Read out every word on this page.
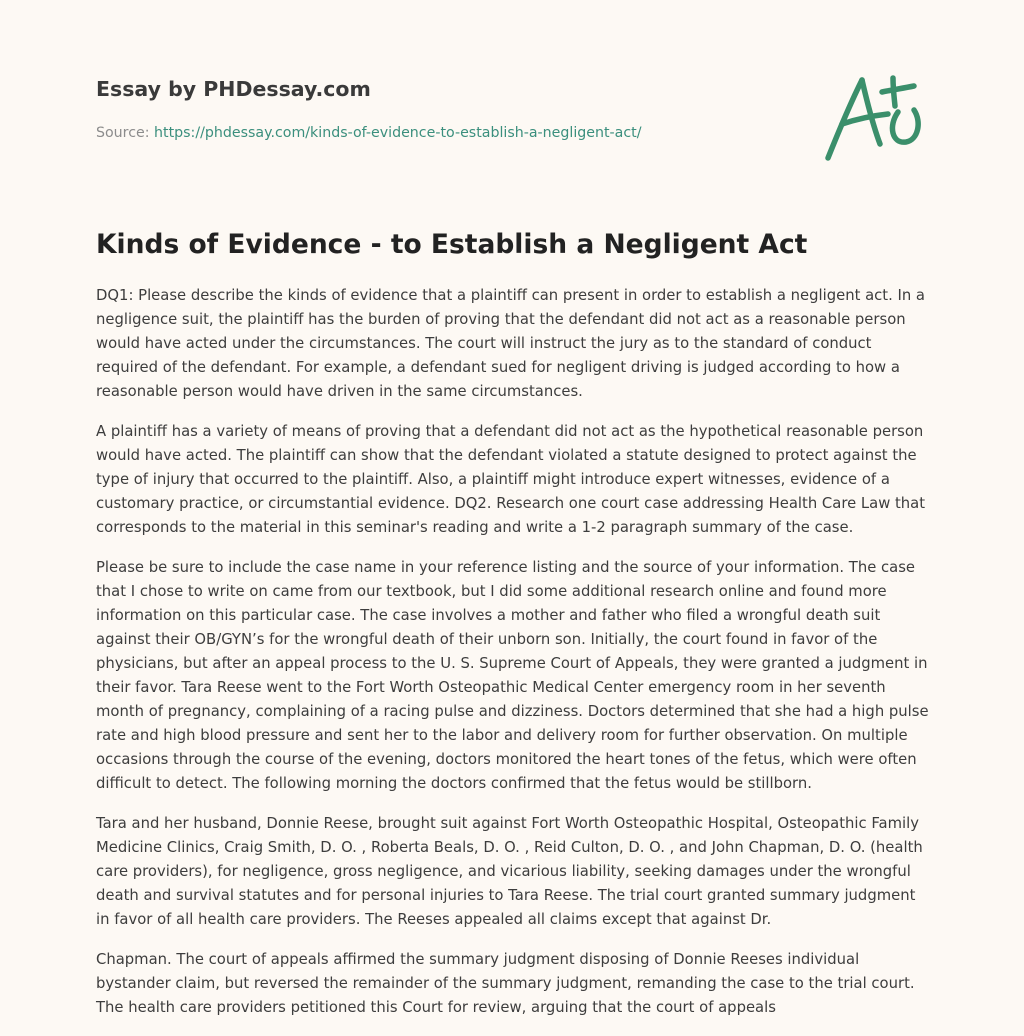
Essay by PHDessay.com
Source: https://phdessay.com/kinds-of-evidence-to-establish-a-negligent-act/
Kinds of Evidence - to Establish a Negligent Act

DQ1: Please describe the kinds of evidence that a plaintiff can present in order to establish a negligent act. In a negligence suit, the plaintiff has the burden of proving that the defendant did not act as a reasonable person would have acted under the circumstances. The court will instruct the jury as to the standard of conduct required of the defendant. For example, a defendant sued for negligent driving is judged according to how a reasonable person would have driven in the same circumstances.

A plaintiff has a variety of means of proving that a defendant did not act as the hypothetical reasonable person would have acted. The plaintiff can show that the defendant violated a statute designed to protect against the type of injury that occurred to the plaintiff. Also, a plaintiff might introduce expert witnesses, evidence of a customary practice, or circumstantial evidence. DQ2. Research one court case addressing Health Care Law that corresponds to the material in this seminar's reading and write a 1-2 paragraph summary of the case.

Please be sure to include the case name in your reference listing and the source of your information. The case that I chose to write on came from our textbook, but I did some additional research online and found more information on this particular case. The case involves a mother and father who filed a wrongful death suit against their OB/GYN’s for the wrongful death of their unborn son. Initially, the court found in favor of the physicians, but after an appeal process to the U. S. Supreme Court of Appeals, they were granted a judgment in their favor. Tara Reese went to the Fort Worth Osteopathic Medical Center emergency room in her seventh month of pregnancy, complaining of a racing pulse and dizziness. Doctors determined that she had a high pulse rate and high blood pressure and sent her to the labor and delivery room for further observation. On multiple occasions through the course of the evening, doctors monitored the heart tones of the fetus, which were often difficult to detect. The following morning the doctors confirmed that the fetus would be stillborn.

Tara and her husband, Donnie Reese, brought suit against Fort Worth Osteopathic Hospital, Osteopathic Family Medicine Clinics, Craig Smith, D. O. , Roberta Beals, D. O. , Reid Culton, D. O. , and John Chapman, D. O. (health care providers), for negligence, gross negligence, and vicarious liability, seeking damages under the wrongful death and survival statutes and for personal injuries to Tara Reese. The trial court granted summary judgment in favor of all health care providers. The Reeses appealed all claims except that against Dr.

Chapman. The court of appeals affirmed the summary judgment disposing of Donnie Reeses individual bystander claim, but reversed the remainder of the summary judgment, remanding the case to the trial court. The health care providers petitioned this Court for review, arguing that the court of appeals
